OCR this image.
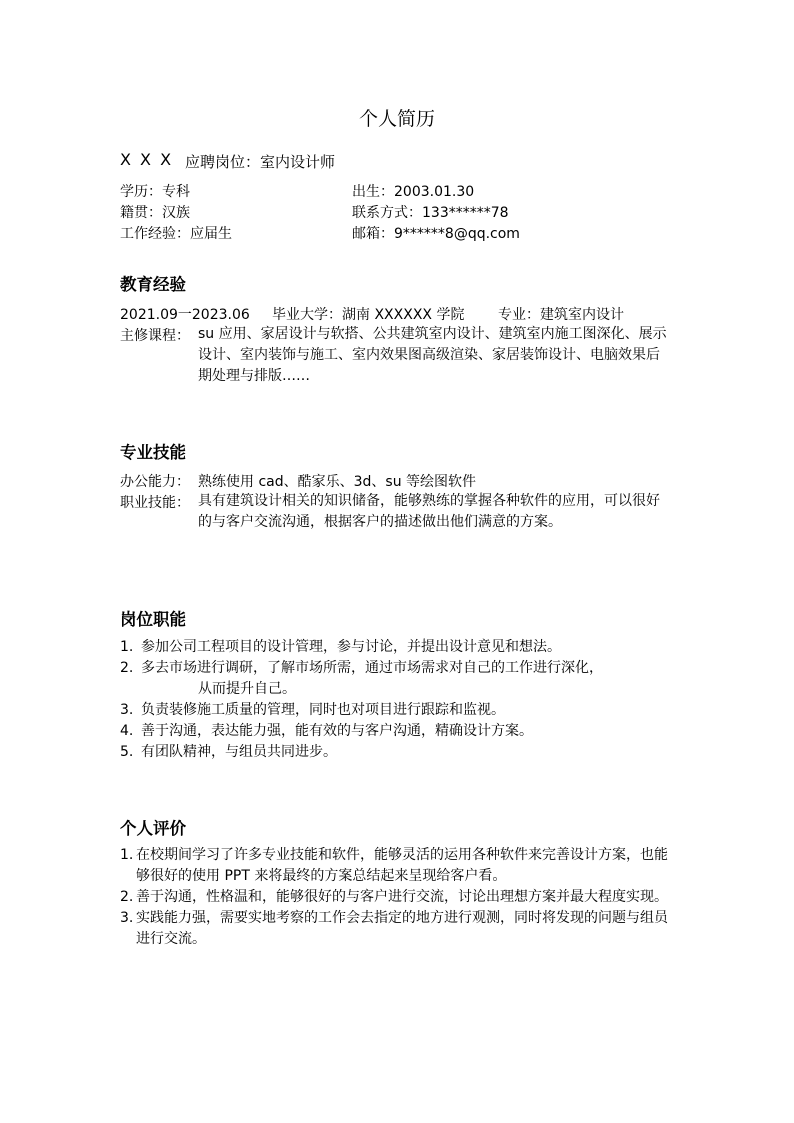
个人简历
X X X 应聘岗位：室内设计师
学历：专科
籍贯：汉族
工作经验：应届生
出生：2003.01.30
联系方式：133******78
邮箱：9******8@qq.com
教育经验
2021.09一2023.06 毕业大学：湖南 XXXXXX 学院 专业：建筑室内设计
主修课程： su 应用、家居设计与软搭、公共建筑室内设计、建筑室内施工图深化、展示设计、室内装饰与施工、室内效果图高级渲染、家居装饰设计、电脑效果后期处理与排版……
专业技能
办公能力： 熟练使用 cad、酷家乐、3d、su 等绘图软件
职业技能： 具有建筑设计相关的知识储备，能够熟练的掌握各种软件的应用，可以很好的与客户交流沟通，根据客户的描述做出他们满意的方案。
岗位职能
1. 参加公司工程项目的设计管理，参与讨论，并提出设计意见和想法。
2. 多去市场进行调研，了解市场所需，通过市场需求对自己的工作进行深化，
从而提升自己。
3. 负责装修施工质量的管理，同时也对项目进行跟踪和监视。
4. 善于沟通，表达能力强，能有效的与客户沟通，精确设计方案。
5. 有团队精神，与组员共同进步。
个人评价
1. 在校期间学习了许多专业技能和软件，能够灵活的运用各种软件来完善设计方案，也能够很好的使用 PPT 来将最终的方案总结起来呈现给客户看。
2. 善于沟通，性格温和，能够很好的与客户进行交流，讨论出理想方案并最大程度实现。
3. 实践能力强，需要实地考察的工作会去指定的地方进行观测，同时将发现的问题与组员进行交流。
